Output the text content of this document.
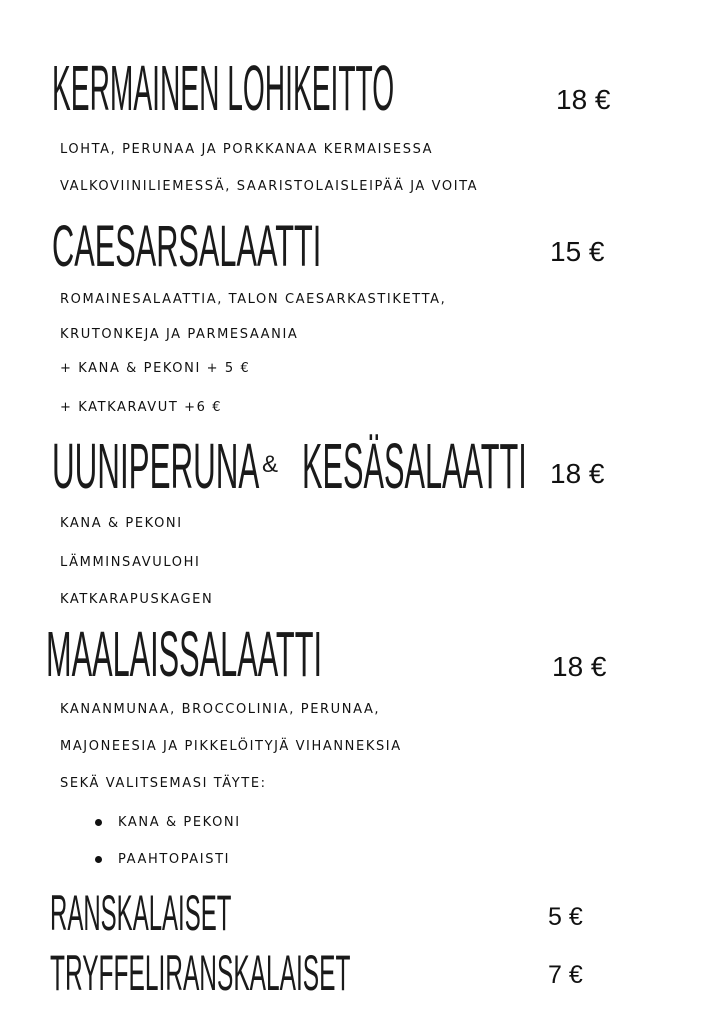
KERMAINEN LOHIKEITTO	18 €
LOHTA, PERUNAA JA PORKKANAA KERMAISESSA
VALKOVIINILIEMESSÄ, SAARISTOLAISLEIPÄÄ JA VOITA
CAESARSALAATTI	15 €
ROMAINESALAATTIA, TALON CAESARKASTIKETTA,
KRUTONKEJA JA PARMESAANIA
+ KANA & PEKONI + 5 €
+ KATKARAVUT +6 €
UUNIPERUNA & KESÄSALAATTI 18 €
KANA & PEKONI
LÄMMINSAVULOHI
KATKARAPUSKAGEN
MAALAISSALAATTI	18 €
KANANMUNAA, BROCCOLINIA, PERUNAA,
MAJONEESIA JA PIKKELÖITYJÄ VIHANNEKSIA
SEKÄ VALITSEMASI TÄYTE:
KANA & PEKONI
PAAHTOPAISTI
RANSKALAISET	5 €
TRYFFELIRANSKALAISET	7 €
